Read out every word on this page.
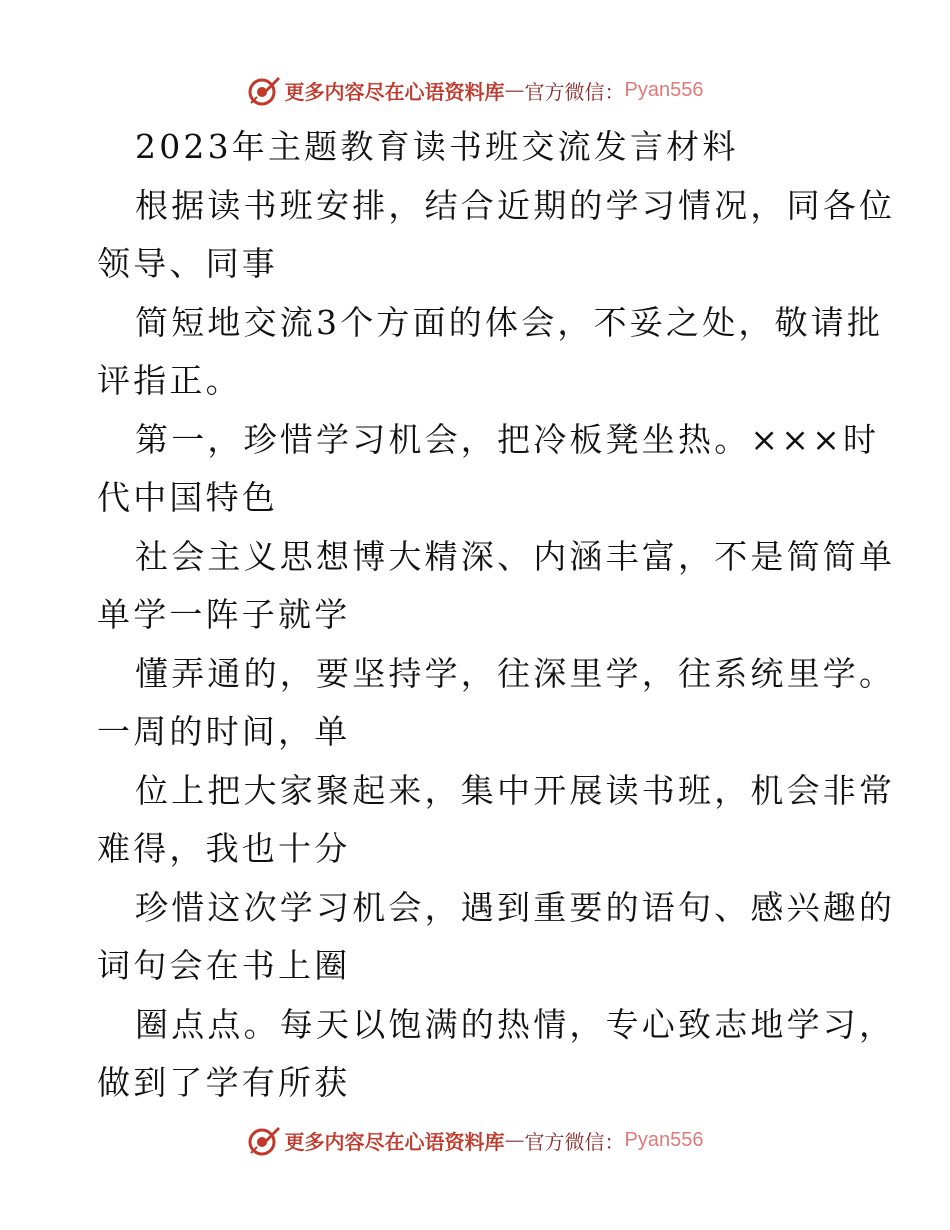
更多内容尽在心语资料库 — 官方微信： Pyan556
2023年主题教育读书班交流发言材料
根据读书班安排，结合近期的学习情况，同各位
领导、同事
简短地交流3个方面的体会，不妥之处，敬请批
评指正。
第一，珍惜学习机会，把冷板凳坐热。×××时
代中国特色
社会主义思想博大精深、内涵丰富，不是简简单
单学一阵子就学
懂弄通的，要坚持学，往深里学，往系统里学。
一周的时间，单
位上把大家聚起来，集中开展读书班，机会非常
难得，我也十分
珍惜这次学习机会，遇到重要的语句、感兴趣的
词句会在书上圈
圈点点。每天以饱满的热情，专心致志地学习，
做到了学有所获
更多内容尽在心语资料库 — 官方微信： Pyan556
